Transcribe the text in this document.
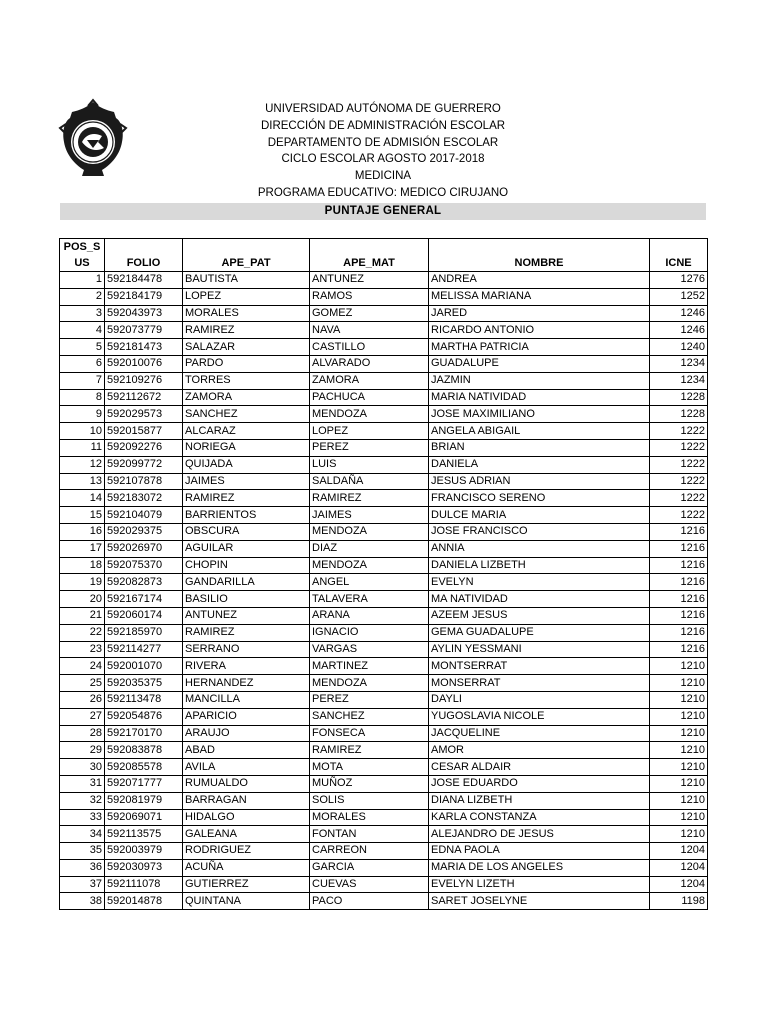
UNIVERSIDAD AUTÓNOMA DE GUERRERO
DIRECCIÓN DE ADMINISTRACIÓN ESCOLAR
DEPARTAMENTO DE ADMISIÓN ESCOLAR
CICLO ESCOLAR AGOSTO 2017-2018
MEDICINA
PROGRAMA EDUCATIVO: MEDICO CIRUJANO
PUNTAJE GENERAL
POS_S					
US	FOLIO	APE_PAT	APE_MAT	NOMBRE	ICNE
1	592184478	BAUTISTA	ANTUNEZ	ANDREA	1276
2	592184179	LOPEZ	RAMOS	MELISSA MARIANA	1252
3	592043973	MORALES	GOMEZ	JARED	1246
4	592073779	RAMIREZ	NAVA	RICARDO ANTONIO	1246
5	592181473	SALAZAR	CASTILLO	MARTHA PATRICIA	1240
6	592010076	PARDO	ALVARADO	GUADALUPE	1234
7	592109276	TORRES	ZAMORA	JAZMIN	1234
8	592112672	ZAMORA	PACHUCA	MARIA NATIVIDAD	1228
9	592029573	SANCHEZ	MENDOZA	JOSE MAXIMILIANO	1228
10	592015877	ALCARAZ	LOPEZ	ANGELA ABIGAIL	1222
11	592092276	NORIEGA	PEREZ	BRIAN	1222
12	592099772	QUIJADA	LUIS	DANIELA	1222
13	592107878	JAIMES	SALDAÑA	JESUS ADRIAN	1222
14	592183072	RAMIREZ	RAMIREZ	FRANCISCO SERENO	1222
15	592104079	BARRIENTOS	JAIMES	DULCE MARIA	1222
16	592029375	OBSCURA	MENDOZA	JOSE FRANCISCO	1216
17	592026970	AGUILAR	DIAZ	ANNIA	1216
18	592075370	CHOPIN	MENDOZA	DANIELA LIZBETH	1216
19	592082873	GANDARILLA	ANGEL	EVELYN	1216
20	592167174	BASILIO	TALAVERA	MA NATIVIDAD	1216
21	592060174	ANTUNEZ	ARANA	AZEEM JESUS	1216
22	592185970	RAMIREZ	IGNACIO	GEMA GUADALUPE	1216
23	592114277	SERRANO	VARGAS	AYLIN YESSMANI	1216
24	592001070	RIVERA	MARTINEZ	MONTSERRAT	1210
25	592035375	HERNANDEZ	MENDOZA	MONSERRAT	1210
26	592113478	MANCILLA	PEREZ	DAYLI	1210
27	592054876	APARICIO	SANCHEZ	YUGOSLAVIA NICOLE	1210
28	592170170	ARAUJO	FONSECA	JACQUELINE	1210
29	592083878	ABAD	RAMIREZ	AMOR	1210
30	592085578	AVILA	MOTA	CESAR ALDAIR	1210
31	592071777	RUMUALDO	MUÑOZ	JOSE EDUARDO	1210
32	592081979	BARRAGAN	SOLIS	DIANA LIZBETH	1210
33	592069071	HIDALGO	MORALES	KARLA CONSTANZA	1210
34	592113575	GALEANA	FONTAN	ALEJANDRO DE JESUS	1210
35	592003979	RODRIGUEZ	CARREON	EDNA PAOLA	1204
36	592030973	ACUÑA	GARCIA	MARIA DE LOS ANGELES	1204
37	592111078	GUTIERREZ	CUEVAS	EVELYN LIZETH	1204
38	592014878	QUINTANA	PACO	SARET JOSELYNE	1198
